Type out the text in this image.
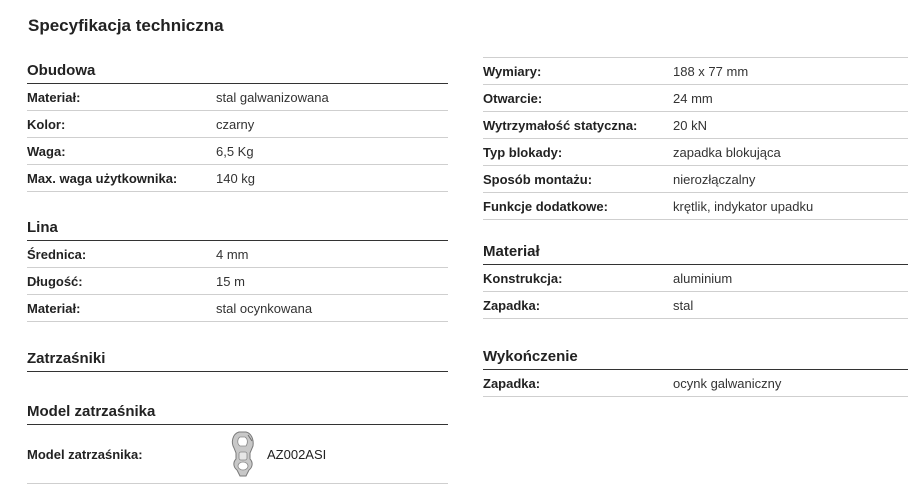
Specyfikacja techniczna
Obudowa
Materiał:	stal galwanizowana
Kolor:	czarny
Waga:	6,5 Kg
Max. waga użytkownika:	140 kg
Lina
Średnica:	4 mm
Długość:	15 m
Materiał:	stal ocynkowana
Zatrzaśniki
Model zatrzaśnika
Model zatrzaśnika:	AZ002ASI
Wymiary:	188 x 77 mm
Otwarcie:	24 mm
Wytrzymałość statyczna:	20 kN
Typ blokady:	zapadka blokująca
Sposób montażu:	nierozłączalny
Funkcje dodatkowe:	krętlik, indykator upadku
Materiał
Konstrukcja:	aluminium
Zapadka:	stal
Wykończenie
Zapadka:	ocynk galwaniczny
